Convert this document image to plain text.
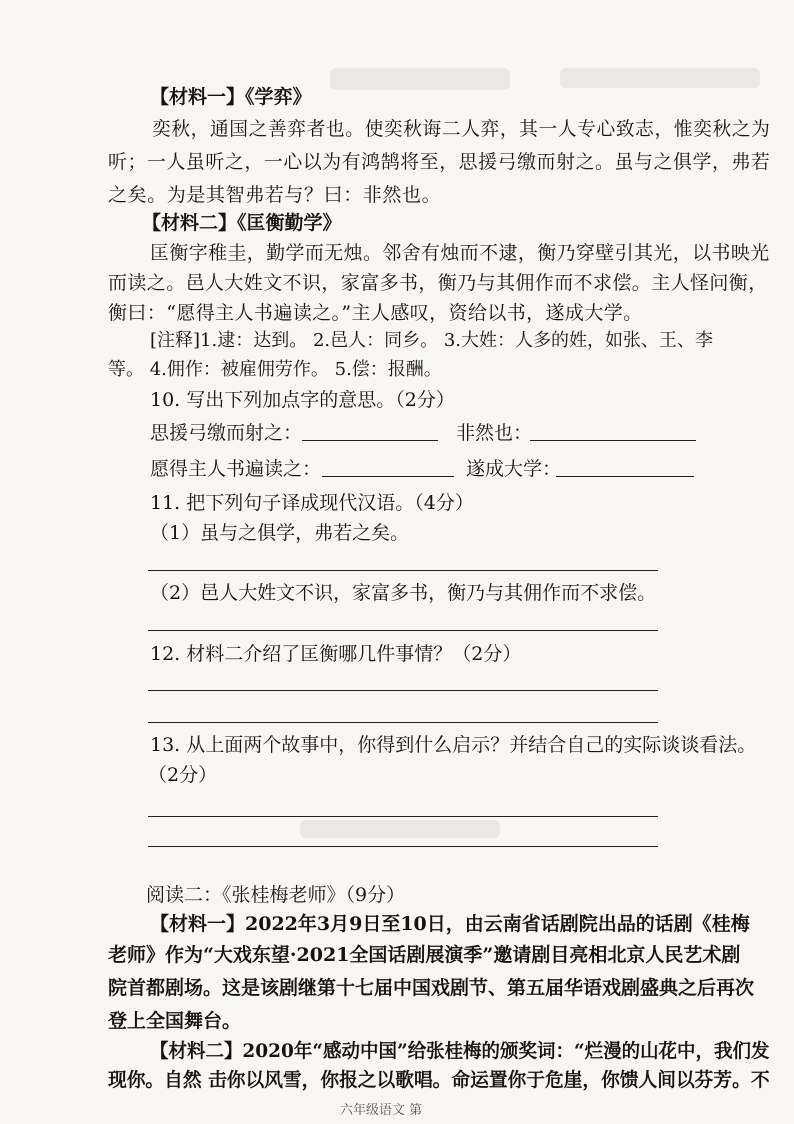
【材料一】《学弈》
奕秋，通国之善弈者也。使奕秋诲二人弈，其一人专心致志，惟奕秋之为
听；一人虽听之，一心以为有鸿鹄将至，思援弓缴而射之。虽与之俱学，弗若
之矣。为是其智弗若与？曰：非然也。
【材料二】《匡衡勤学》
匡衡字稚圭，勤学而无烛。邻舍有烛而不逮，衡乃穿壁引其光，以书映光
而读之。邑人大姓文不识，家富多书，衡乃与其佣作而不求偿。主人怪问衡，
衡曰：“愿得主人书遍读之。”主人感叹，资给以书，遂成大学。
[注释]1.逮：达到。 2.邑人：同乡。 3.大姓：人多的姓，如张、王、李
等。 4.佣作：被雇佣劳作。 5.偿：报酬。
10. 写出下列加点字的意思。（2分）
思援弓缴而射之：	非然也：
愿得主人书遍读之：	遂成大学：
11. 把下列句子译成现代汉语。（4分）
（1）虽与之俱学，弗若之矣。
（2）邑人大姓文不识，家富多书，衡乃与其佣作而不求偿。
12. 材料二介绍了匡衡哪几件事情？（2分）
13. 从上面两个故事中，你得到什么启示？并结合自己的实际谈谈看法。
（2分）
阅读二：《张桂梅老师》（9分）
【材料一】2022年3月9日至10日，由云南省话剧院出品的话剧《桂梅
老师》作为“大戏东望·2021全国话剧展演季”邀请剧目亮相北京人民艺术剧
院首都剧场。这是该剧继第十七届中国戏剧节、第五届华语戏剧盛典之后再次
登上全国舞台。
【材料二】2020年“感动中国”给张桂梅的颁奖词：“烂漫的山花中，我们发
现你。自然 击你以风雪，你报之以歌唱。命运置你于危崖，你馈人间以芬芳。不
六年级语文 第
